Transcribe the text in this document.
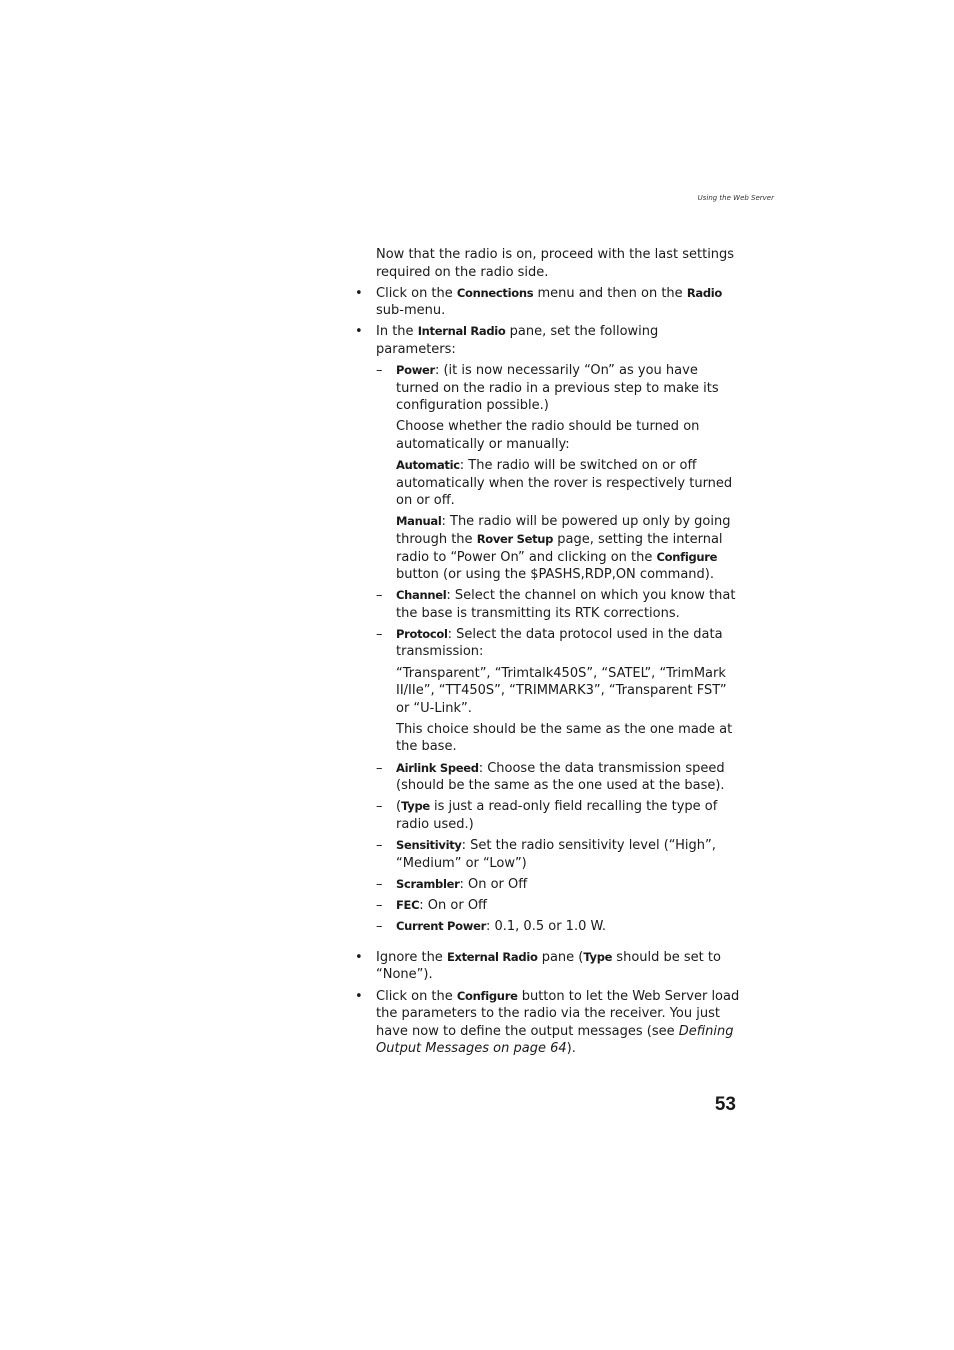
Using the Web Server

Now that the radio is on, proceed with the last settings required on the radio side.

• Click on the Connections menu and then on the Radio sub-menu.
• In the Internal Radio pane, set the following parameters:
– Power: (it is now necessarily “On” as you have turned on the radio in a previous step to make its configuration possible.)

Choose whether the radio should be turned on automatically or manually:

Automatic: The radio will be switched on or off automatically when the rover is respectively turned on or off.

Manual: The radio will be powered up only by going through the Rover Setup page, setting the internal radio to “Power On” and clicking on the Configure button (or using the $PASHS,RDP,ON command).

– Channel: Select the channel on which you know that the base is transmitting its RTK corrections.
– Protocol: Select the data protocol used in the data transmission:

“Transparent”, “Trimtalk450S”, “SATEL”, “TrimMark II/IIe”, “TT450S”, “TRIMMARK3”, “Transparent FST” or “U-Link”.

This choice should be the same as the one made at the base.

– Airlink Speed: Choose the data transmission speed (should be the same as the one used at the base).
– (Type is just a read-only field recalling the type of radio used.)
– Sensitivity: Set the radio sensitivity level (“High”, “Medium” or “Low”)
– Scrambler: On or Off
– FEC: On or Off
– Current Power: 0.1, 0.5 or 1.0 W.
• Ignore the External Radio pane (Type should be set to “None”).
• Click on the Configure button to let the Web Server load the parameters to the radio via the receiver. You just have now to define the output messages (see Defining Output Messages on page 64).
53
